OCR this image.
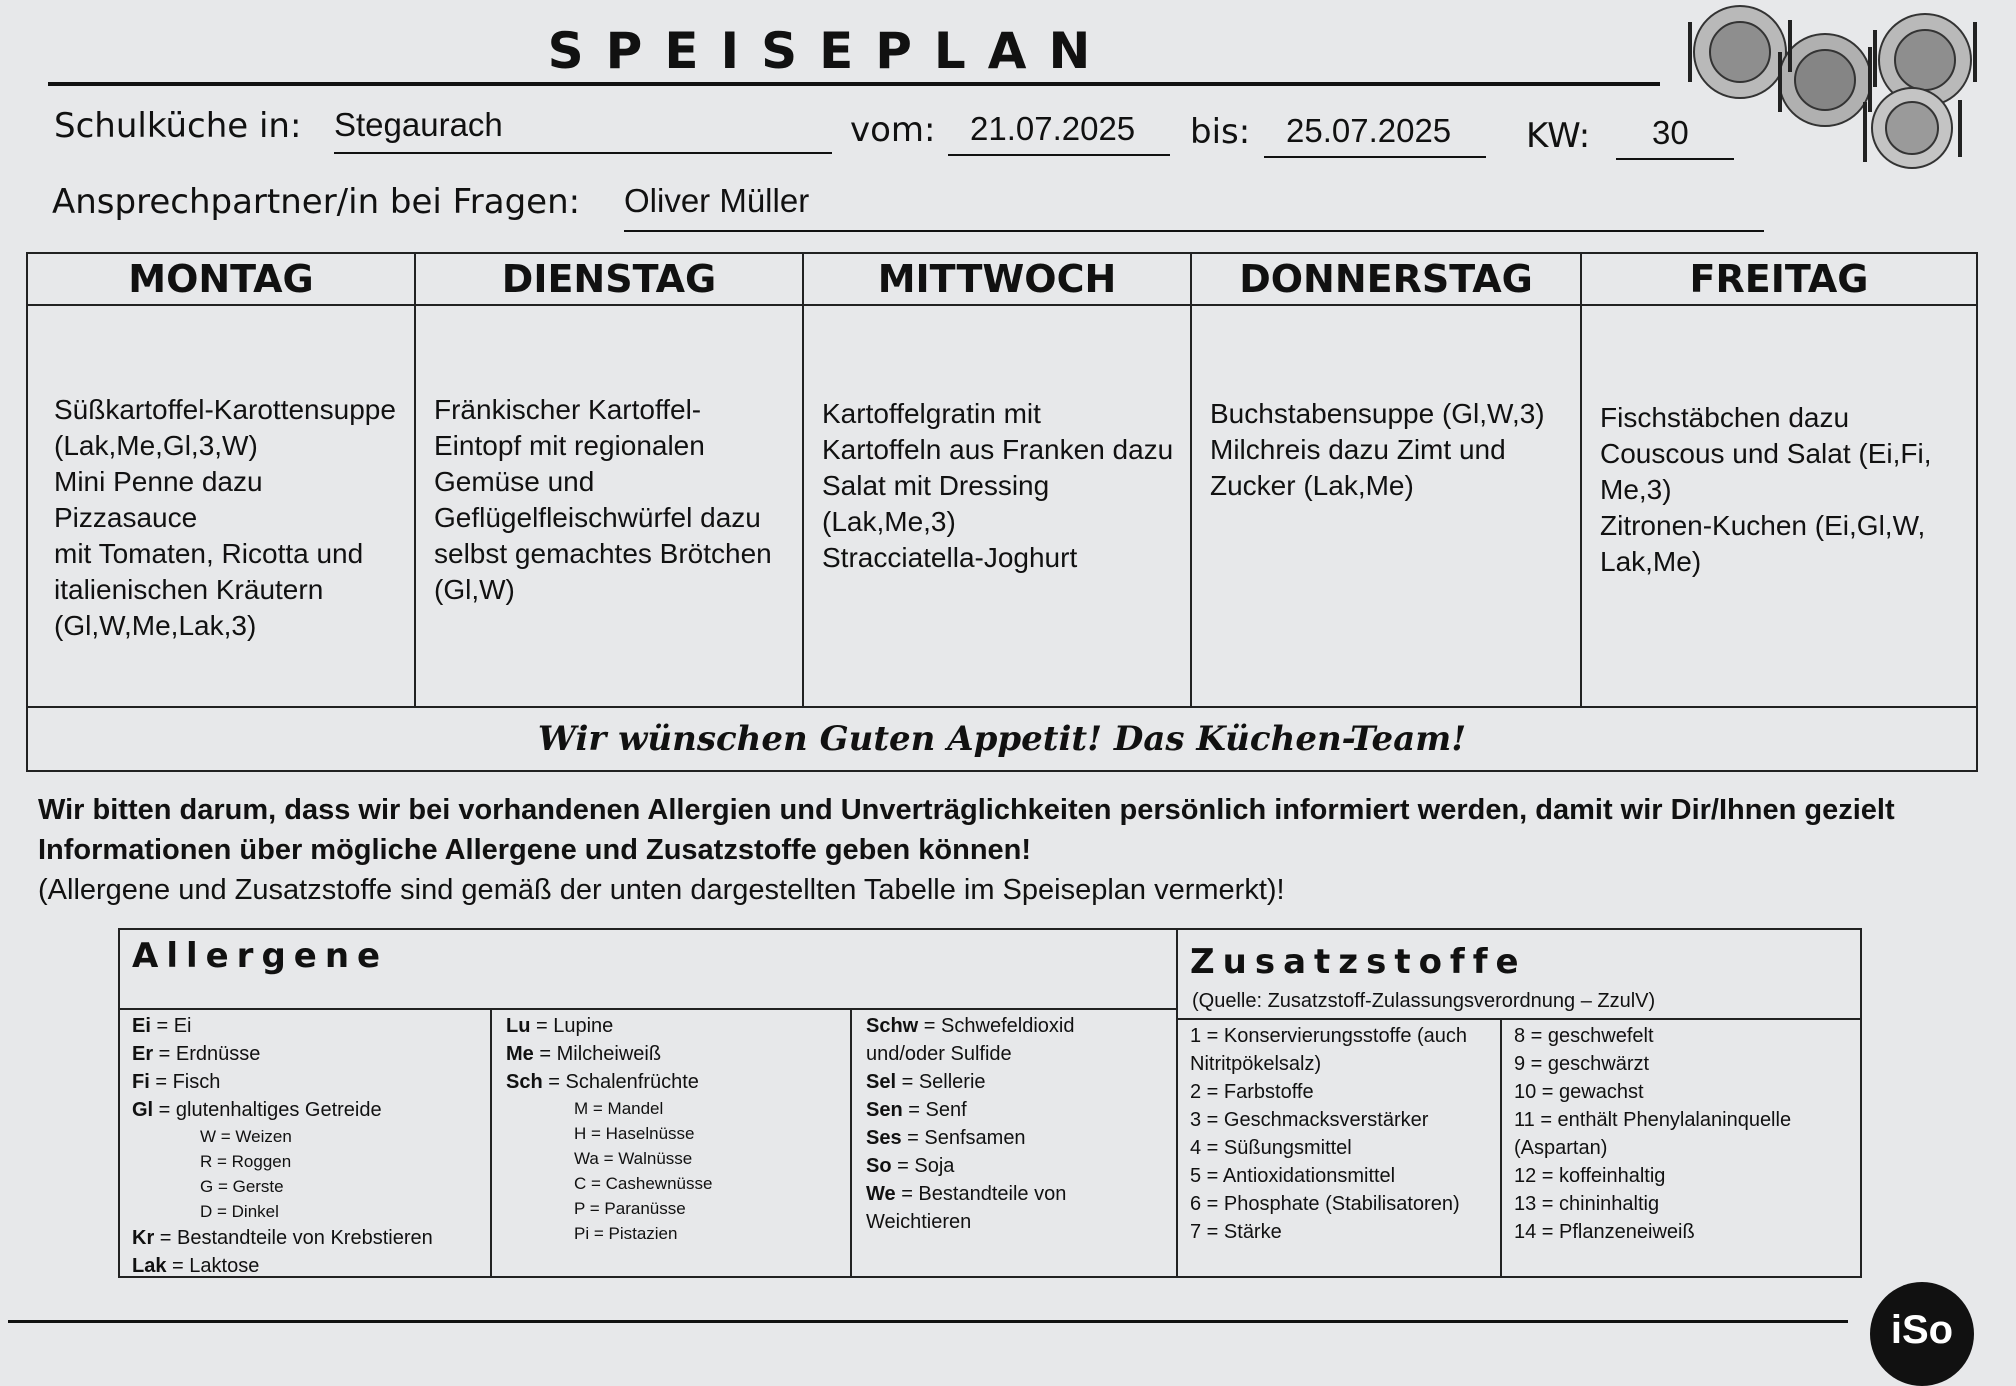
SPEISEPLAN
Schulküche in: Stegaurach	vom: 21.07.2025 bis: 25.07.2025 KW: 30
Ansprechpartner/in bei Fragen: Oliver Müller
MONTAG
Süßkartoffel-Karottensuppe
(Lak,Me,Gl,3,W)
Mini Penne dazu Pizzasauce
mit Tomaten, Ricotta und
italienischen Kräutern
(Gl,W,Me,Lak,3)
DIENSTAG
Fränkischer Kartoffel-
Eintopf mit regionalen
Gemüse und
Geflügelfleischwürfel dazu
selbst gemachtes Brötchen
(Gl,W)
MITTWOCH
Kartoffelgratin mit
Kartoffeln aus Franken dazu
Salat mit Dressing
(Lak,Me,3)
Stracciatella-Joghurt
DONNERSTAG
Buchstabensuppe (Gl,W,3)
Milchreis dazu Zimt und
Zucker (Lak,Me)
FREITAG
Fischstäbchen dazu
Couscous und Salat (Ei,Fi,
Me,3)
Zitronen-Kuchen (Ei,Gl,W,
Lak,Me)
Wir wünschen Guten Appetit! Das Küchen-Team!
Wir bitten darum, dass wir bei vorhandenen Allergien und Unverträglichkeiten persönlich informiert werden, damit wir Dir/Ihnen gezielt Informationen über mögliche Allergene und Zusatzstoffe geben können!
(Allergene und Zusatzstoffe sind gemäß der unten dargestellten Tabelle im Speiseplan vermerkt)!
Allergene	Zusatzstoffe
(Quelle: Zusatzstoff-Zulassungsverordnung – ZzulV)
Ei = Ei
Er = Erdnüsse
Fi = Fisch
Gl = glutenhaltiges Getreide
W = Weizen
R = Roggen
G = Gerste
D = Dinkel
Kr = Bestandteile von Krebstieren
Lak = Laktose
Lu = Lupine
Me = Milcheiweiß
Sch = Schalenfrüchte
M = Mandel
H = Haselnüsse
Wa = Walnüsse
C = Cashewnüsse
P = Paranüsse
Pi = Pistazien
Schw = Schwefeldioxid
und/oder Sulfide
Sel = Sellerie
Sen = Senf
Ses = Senfsamen
So = Soja
We = Bestandteile von
Weichtieren
1 = Konservierungsstoffe (auch
Nitritpökelsalz)
2 = Farbstoffe
3 = Geschmacksverstärker
4 = Süßungsmittel
5 = Antioxidationsmittel
6 = Phosphate (Stabilisatoren)
7 = Stärke
8 = geschwefelt
9 = geschwärzt
10 = gewachst
11 = enthält Phenylalaninquelle
(Aspartan)
12 = koffeinhaltig
13 = chininhaltig
14 = Pflanzeneiweiß
iSo
